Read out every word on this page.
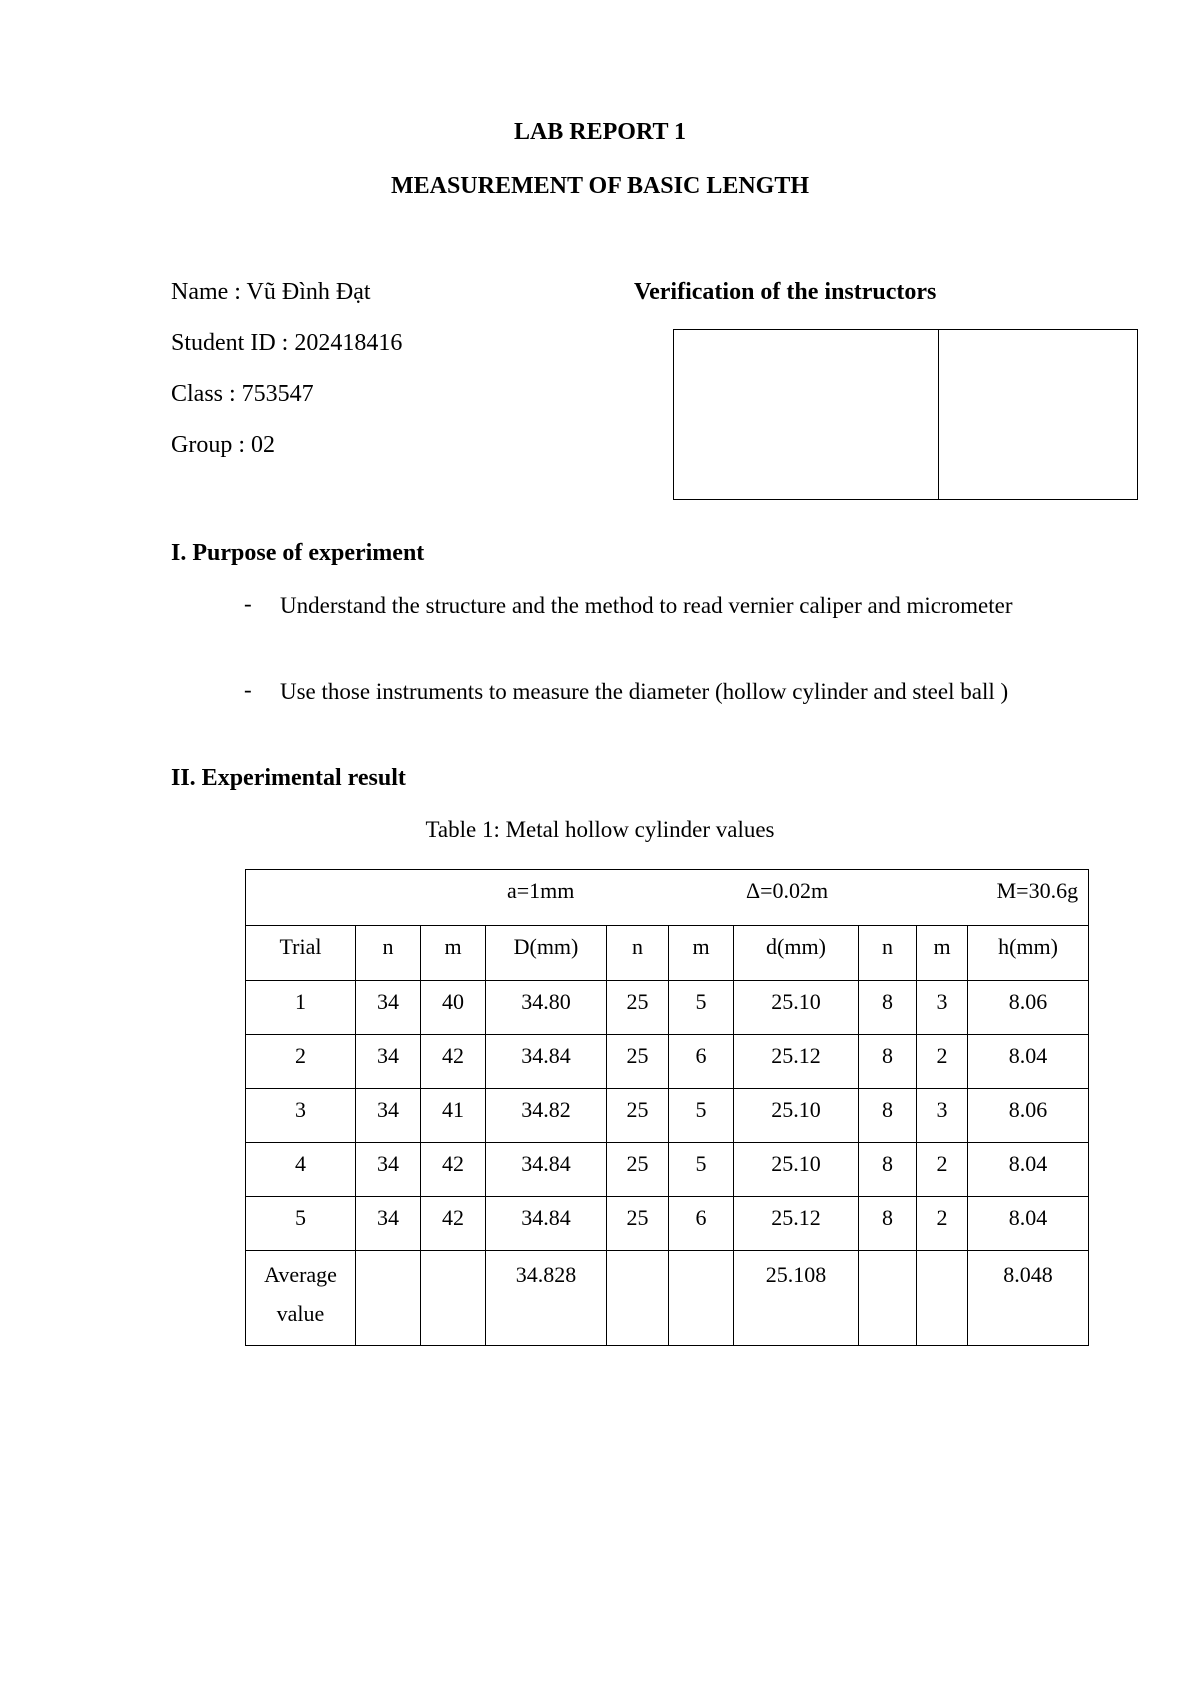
LAB REPORT 1
MEASUREMENT OF BASIC LENGTH
Name : Vũ Đình Đạt
Student ID : 202418416
Class : 753547
Group : 02
Verification of the instructors
I. Purpose of experiment
- Understand the structure and the method to read vernier caliper and micrometer
- Use those instruments to measure the diameter (hollow cylinder and steel ball )
II. Experimental result
Table 1: Metal hollow cylinder values
a=1mm Δ=0.02m M=30.6g									

Trial	n	m	D(mm)	n	m	d(mm)	n	m	h(mm)
1	34	40	34.80	25	5	25.10	8	3	8.06
2	34	42	34.84	25	6	25.12	8	2	8.04
3	34	41	34.82	25	5	25.10	8	3	8.06
4	34	42	34.84	25	5	25.10	8	2	8.04
5	34	42	34.84	25	6	25.12	8	2	8.04
Average
value			34.828			25.108			8.048
